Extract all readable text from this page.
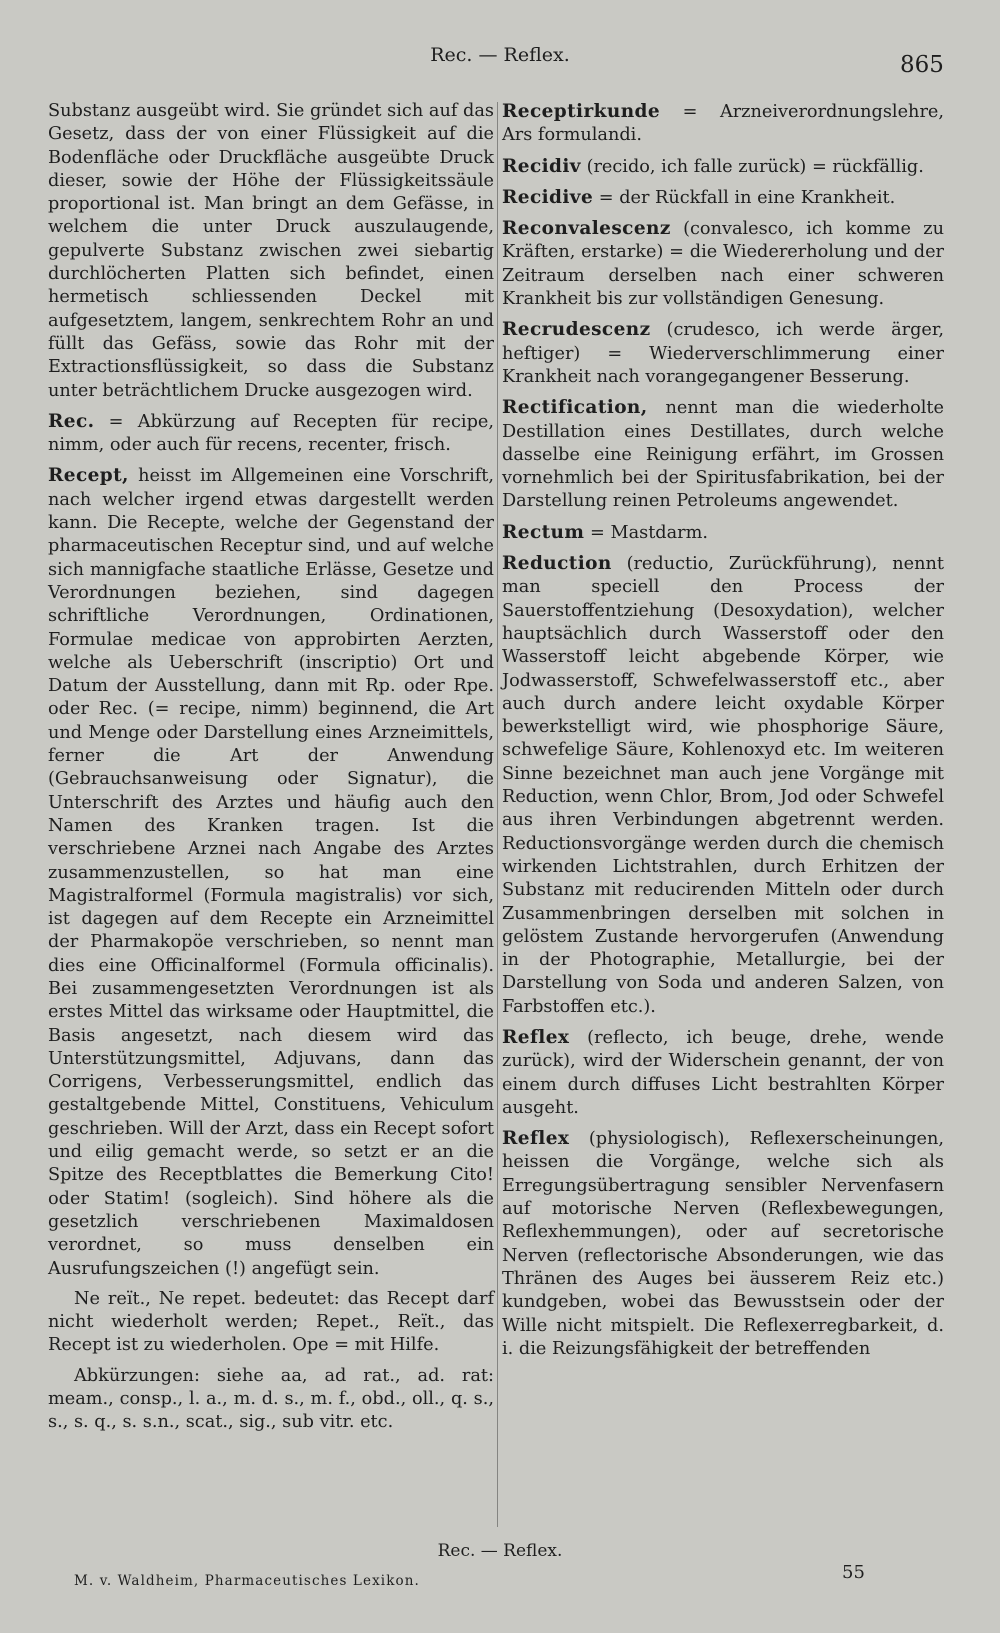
Rec. — Reflex.	865

Substanz ausgeübt wird. Sie gründet sich auf das Gesetz, dass der von einer Flüssigkeit auf die Bodenfläche oder Druckfläche ausgeübte Druck dieser, sowie der Höhe der Flüssigkeitssäule proportional ist. Man bringt an dem Gefässe, in welchem die unter Druck auszulaugende, gepulverte Substanz zwischen zwei siebartig durchlöcherten Platten sich befindet, einen hermetisch schliessenden Deckel mit aufgesetztem, langem, senkrechtem Rohr an und füllt das Gefäss, sowie das Rohr mit der Extractionsflüssigkeit, so dass die Substanz unter beträchtlichem Drucke ausgezogen wird.

Rec. = Abkürzung auf Recepten für recipe, nimm, oder auch für recens, recenter, frisch.

Recept, heisst im Allgemeinen eine Vorschrift, nach welcher irgend etwas dargestellt werden kann. Die Recepte, welche der Gegenstand der pharmaceutischen Receptur sind, und auf welche sich mannigfache staatliche Erlässe, Gesetze und Verordnungen beziehen, sind dagegen schriftliche Verordnungen, Ordinationen, Formulae medicae von approbirten Aerzten, welche als Ueberschrift (inscriptio) Ort und Datum der Ausstellung, dann mit Rp. oder Rpe. oder Rec. (= recipe, nimm) beginnend, die Art und Menge oder Darstellung eines Arzneimittels, ferner die Art der Anwendung (Gebrauchsanweisung oder Signatur), die Unterschrift des Arztes und häufig auch den Namen des Kranken tragen. Ist die verschriebene Arznei nach Angabe des Arztes zusammenzustellen, so hat man eine Magistralformel (Formula magistralis) vor sich, ist dagegen auf dem Recepte ein Arzneimittel der Pharmakopöe verschrieben, so nennt man dies eine Officinalformel (Formula officinalis). Bei zusammengesetzten Verordnungen ist als erstes Mittel das wirksame oder Hauptmittel, die Basis angesetzt, nach diesem wird das Unterstützungsmittel, Adjuvans, dann das Corrigens, Verbesserungsmittel, endlich das gestaltgebende Mittel, Constituens, Vehiculum geschrieben. Will der Arzt, dass ein Recept sofort und eilig gemacht werde, so setzt er an die Spitze des Receptblattes die Bemerkung Cito! oder Statim! (sogleich). Sind höhere als die gesetzlich verschriebenen Maximaldosen verordnet, so muss denselben ein Ausrufungszeichen (!) angefügt sein.

Ne reït., Ne repet. bedeutet: das Recept darf nicht wiederholt werden; Repet., Reït., das Recept ist zu wiederholen. Ope = mit Hilfe.

Abkürzungen: siehe aa, ad rat., ad. rat: meam., consp., l. a., m. d. s., m. f., obd., oll., q. s., s., s. q., s. s.n., scat., sig., sub vitr. etc.

Receptirkunde = Arzneiverordnungslehre, Ars formulandi.

Recidiv (recido, ich falle zurück) = rückfällig.

Recidive = der Rückfall in eine Krankheit.

Reconvalescenz (convalesco, ich komme zu Kräften, erstarke) = die Wiedererholung und der Zeitraum derselben nach einer schweren Krankheit bis zur vollständigen Genesung.

Recrudescenz (crudesco, ich werde ärger, heftiger) = Wiederverschlimmerung einer Krankheit nach vorangegangener Besserung.

Rectification, nennt man die wiederholte Destillation eines Destillates, durch welche dasselbe eine Reinigung erfährt, im Grossen vornehmlich bei der Spiritusfabrikation, bei der Darstellung reinen Petroleums angewendet.

Rectum = Mastdarm.

Reduction (reductio, Zurückführung), nennt man speciell den Process der Sauerstoffentziehung (Desoxydation), welcher hauptsächlich durch Wasserstoff oder den Wasserstoff leicht abgebende Körper, wie Jodwasserstoff, Schwefelwasserstoff etc., aber auch durch andere leicht oxydable Körper bewerkstelligt wird, wie phosphorige Säure, schwefelige Säure, Kohlenoxyd etc. Im weiteren Sinne bezeichnet man auch jene Vorgänge mit Reduction, wenn Chlor, Brom, Jod oder Schwefel aus ihren Verbindungen abgetrennt werden. Reductionsvorgänge werden durch die chemisch wirkenden Lichtstrahlen, durch Erhitzen der Substanz mit reducirenden Mitteln oder durch Zusammenbringen derselben mit solchen in gelöstem Zustande hervorgerufen (Anwendung in der Photographie, Metallurgie, bei der Darstellung von Soda und anderen Salzen, von Farbstoffen etc.).

Reflex (reflecto, ich beuge, drehe, wende zurück), wird der Widerschein genannt, der von einem durch diffuses Licht bestrahlten Körper ausgeht.

Reflex (physiologisch), Reflexerscheinungen, heissen die Vorgänge, welche sich als Erregungsübertragung sensibler Nervenfasern auf motorische Nerven (Reflexbewegungen, Reflexhemmungen), oder auf secretorische Nerven (reflectorische Absonderungen, wie das Thränen des Auges bei äusserem Reiz etc.) kundgeben, wobei das Bewusstsein oder der Wille nicht mitspielt. Die Reflexerregbarkeit, d. i. die Reizungsfähigkeit der betreffenden

Rec. — Reflex.
M. v. Waldheim, Pharmaceutisches Lexikon.	55
